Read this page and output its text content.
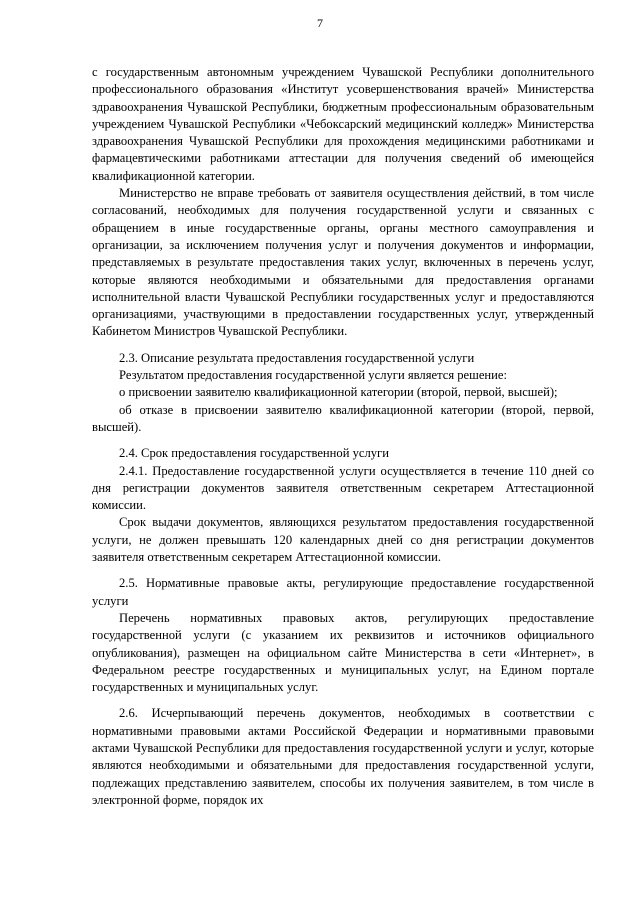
7

с государственным автономным учреждением Чувашской Республики дополнительного профессионального образования «Институт усовершенствования врачей» Министерства здравоохранения Чувашской Республики, бюджетным профессиональным образовательным учреждением Чувашской Республики «Чебоксарский медицинский колледж» Министерства здравоохранения Чувашской Республики для прохождения медицинскими работниками и фармацевтическими работниками аттестации для получения сведений об имеющейся квалификационной категории.

Министерство не вправе требовать от заявителя осуществления действий, в том числе согласований, необходимых для получения государственной услуги и связанных с обращением в иные государственные органы, органы местного самоуправления и организации, за исключением получения услуг и получения документов и информации, представляемых в результате предоставления таких услуг, включенных в перечень услуг, которые являются необходимыми и обязательными для предоставления органами исполнительной власти Чувашской Республики государственных услуг и предоставляются организациями, участвующими в предоставлении государственных услуг, утвержденный Кабинетом Министров Чувашской Республики.

2.3. Описание результата предоставления государственной услуги

Результатом предоставления государственной услуги является решение:

о присвоении заявителю квалификационной категории (второй, первой, высшей);

об отказе в присвоении заявителю квалификационной категории (второй, первой, высшей).

2.4. Срок предоставления государственной услуги

2.4.1. Предоставление государственной услуги осуществляется в течение 110 дней со дня регистрации документов заявителя ответственным секретарем Аттестационной комиссии.

Срок выдачи документов, являющихся результатом предоставления государственной услуги, не должен превышать 120 календарных дней со дня регистрации документов заявителя ответственным секретарем Аттестационной комиссии.

2.5. Нормативные правовые акты, регулирующие предоставление государственной услуги

Перечень нормативных правовых актов, регулирующих предоставление государственной услуги (с указанием их реквизитов и источников официального опубликования), размещен на официальном сайте Министерства в сети «Интернет», в Федеральном реестре государственных и муниципальных услуг, на Едином портале государственных и муниципальных услуг.

2.6. Исчерпывающий перечень документов, необходимых в соответствии с нормативными правовыми актами Российской Федерации и нормативными правовыми актами Чувашской Республики для предоставления государственной услуги и услуг, которые являются необходимыми и обязательными для предоставления государственной услуги, подлежащих представлению заявителем, способы их получения заявителем, в том числе в электронной форме, порядок их
